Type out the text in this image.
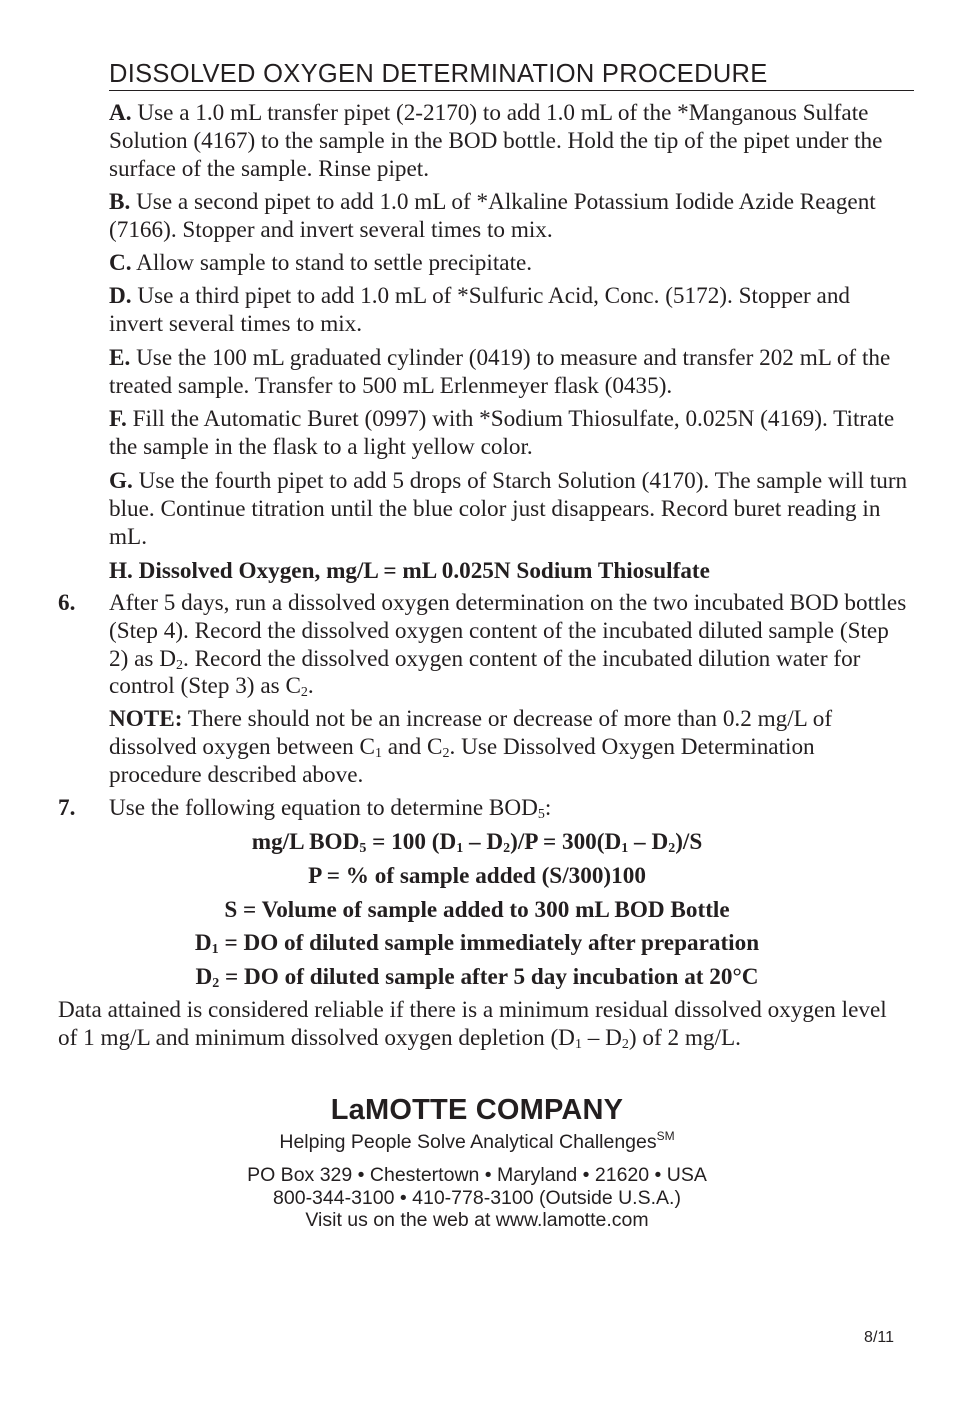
DISSOLVED OXYGEN DETERMINATION PROCEDURE

A. Use a 1.0 mL transfer pipet (2-2170) to add 1.0 mL of the *Manganous Sulfate Solution (4167) to the sample in the BOD bottle. Hold the tip of the pipet under the surface of the sample. Rinse pipet.

B. Use a second pipet to add 1.0 mL of *Alkaline Potassium Iodide Azide Reagent (7166). Stopper and invert several times to mix.

C. Allow sample to stand to settle precipitate.

D. Use a third pipet to add 1.0 mL of *Sulfuric Acid, Conc. (5172). Stopper and invert several times to mix.

E. Use the 100 mL graduated cylinder (0419) to measure and transfer 202 mL of the treated sample. Transfer to 500 mL Erlenmeyer flask (0435).

F. Fill the Automatic Buret (0997) with *Sodium Thiosulfate, 0.025N (4169). Titrate the sample in the flask to a light yellow color.

G. Use the fourth pipet to add 5 drops of Starch Solution (4170). The sample will turn blue. Continue titration until the blue color just disappears. Record buret reading in mL.

H. Dissolved Oxygen, mg/L = mL 0.025N Sodium Thiosulfate

6. After 5 days, run a dissolved oxygen determination on the two incubated BOD bottles (Step 4). Record the dissolved oxygen content of the incubated diluted sample (Step 2) as $D_2$. Record the dissolved oxygen content of the incubated dilution water for control (Step 3) as $C_2$.

NOTE: There should not be an increase or decrease of more than 0.2 mg/L of dissolved oxygen between $C_1$ and $C_2$. Use Dissolved Oxygen Determination procedure described above.

7. Use the following equation to determine $BOD_5$:

mg/L $BOD_5 = 100$ $(D_1 - D_2)/P = 300(D_1 - D_2)/S$
P = % of sample added (S/300)100
S = Volume of sample added to 300 mL BOD Bottle
$D_1$ = DO of diluted sample immediately after preparation
$D_2$ = DO of diluted sample after 5 day incubation at 20°C

Data attained is considered reliable if there is a minimum residual dissolved oxygen level of 1 mg/L and minimum dissolved oxygen depletion $(D_1 - D_2)$ of 2 mg/L.

LaMOTTE COMPANY
Helping People Solve Analytical Challenges℠
PO Box 329 • Chestertown • Maryland • 21620 • USA
800-344-3100 • 410-778-3100 (Outside U.S.A.)
Visit us on the web at www.lamotte.com
8/11
